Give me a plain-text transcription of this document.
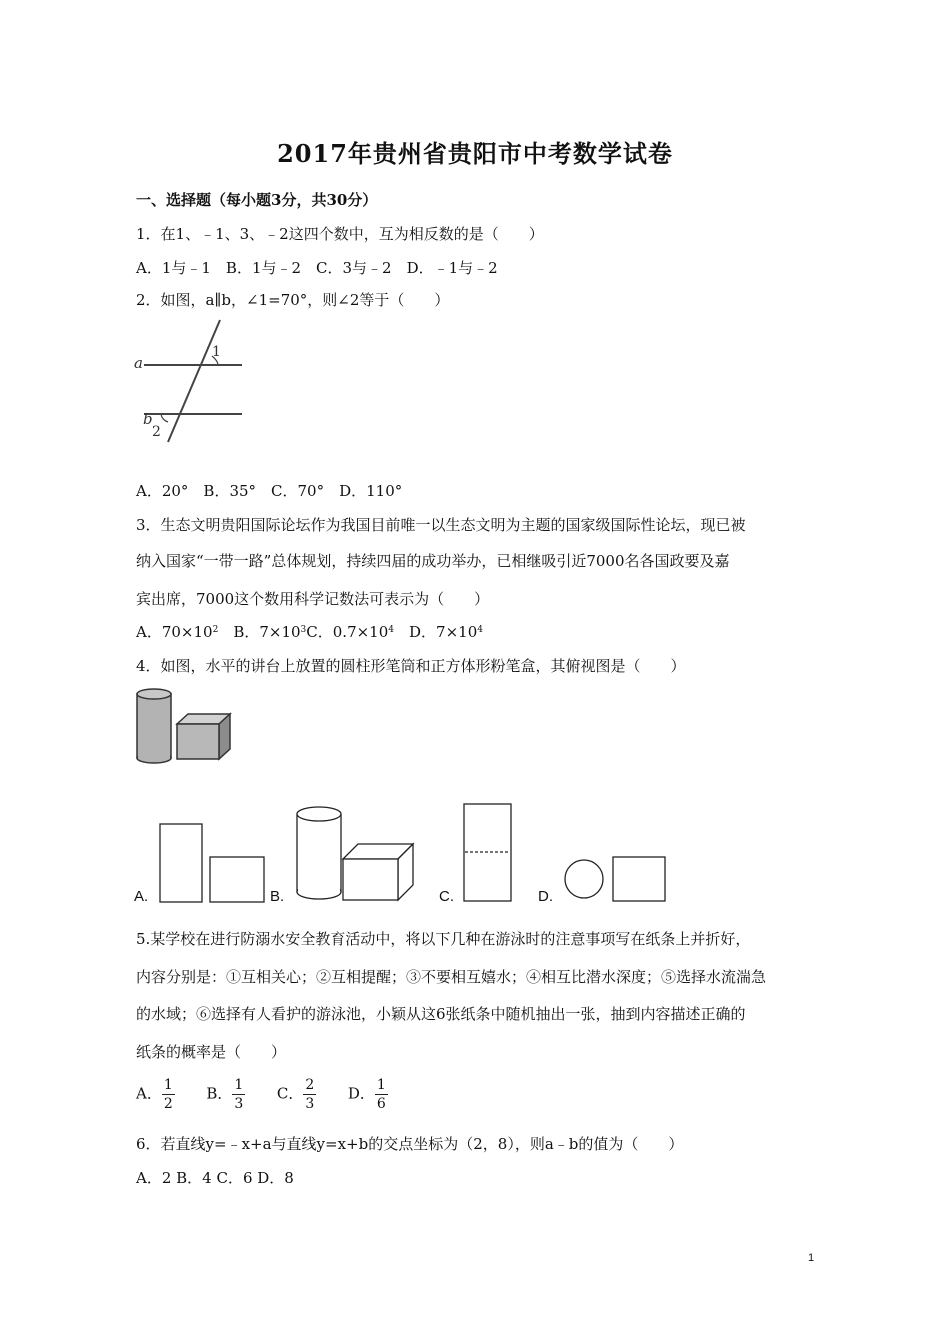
2017年贵州省贵阳市中考数学试卷
一、选择题（每小题3分，共30分）
1．在1、﹣1、3、﹣2这四个数中，互为相反数的是（　　）
A．1与﹣1　B．1与﹣2　C．3与﹣2　D．﹣1与﹣2
2．如图，a∥b，∠1=70°，则∠2等于（　　）
a
b
1
2
A．20°　B．35°　C．70°　D．110°
3．生态文明贵阳国际论坛作为我国目前唯一以生态文明为主题的国家级国际性论坛，现已被
纳入国家“一带一路”总体规划，持续四届的成功举办，已相继吸引近7000名各国政要及嘉
宾出席，7000这个数用科学记数法可表示为（　　）
A．$70\times 10^2$　B．$7\times 10^3C$．$0.7\times 10^4$　D．$7\times 10^4$
4．如图，水平的讲台上放置的圆柱形笔筒和正方体形粉笔盒，其俯视图是（　　）
A.	B.	C.	D.
5.某学校在进行防溺水安全教育活动中，将以下几种在游泳时的注意事项写在纸条上并折好，
内容分别是：①互相关心；②互相提醒；③不要相互嬉水；④相互比潜水深度；⑤选择水流湍急
的水域；⑥选择有人看护的游泳池，小颖从这6张纸条中随机抽出一张，抽到内容描述正确的
纸条的概率是（　　）
A． $\frac{1}{2}$ B． $\frac{1}{3}$ C． $\frac{2}{3}$ D． $\frac{1}{6}$
6．若直线y=﹣x+a与直线y=x+b的交点坐标为（2，8），则a﹣b的值为（　　）
A．2 B．4 C．6 D．8
1
